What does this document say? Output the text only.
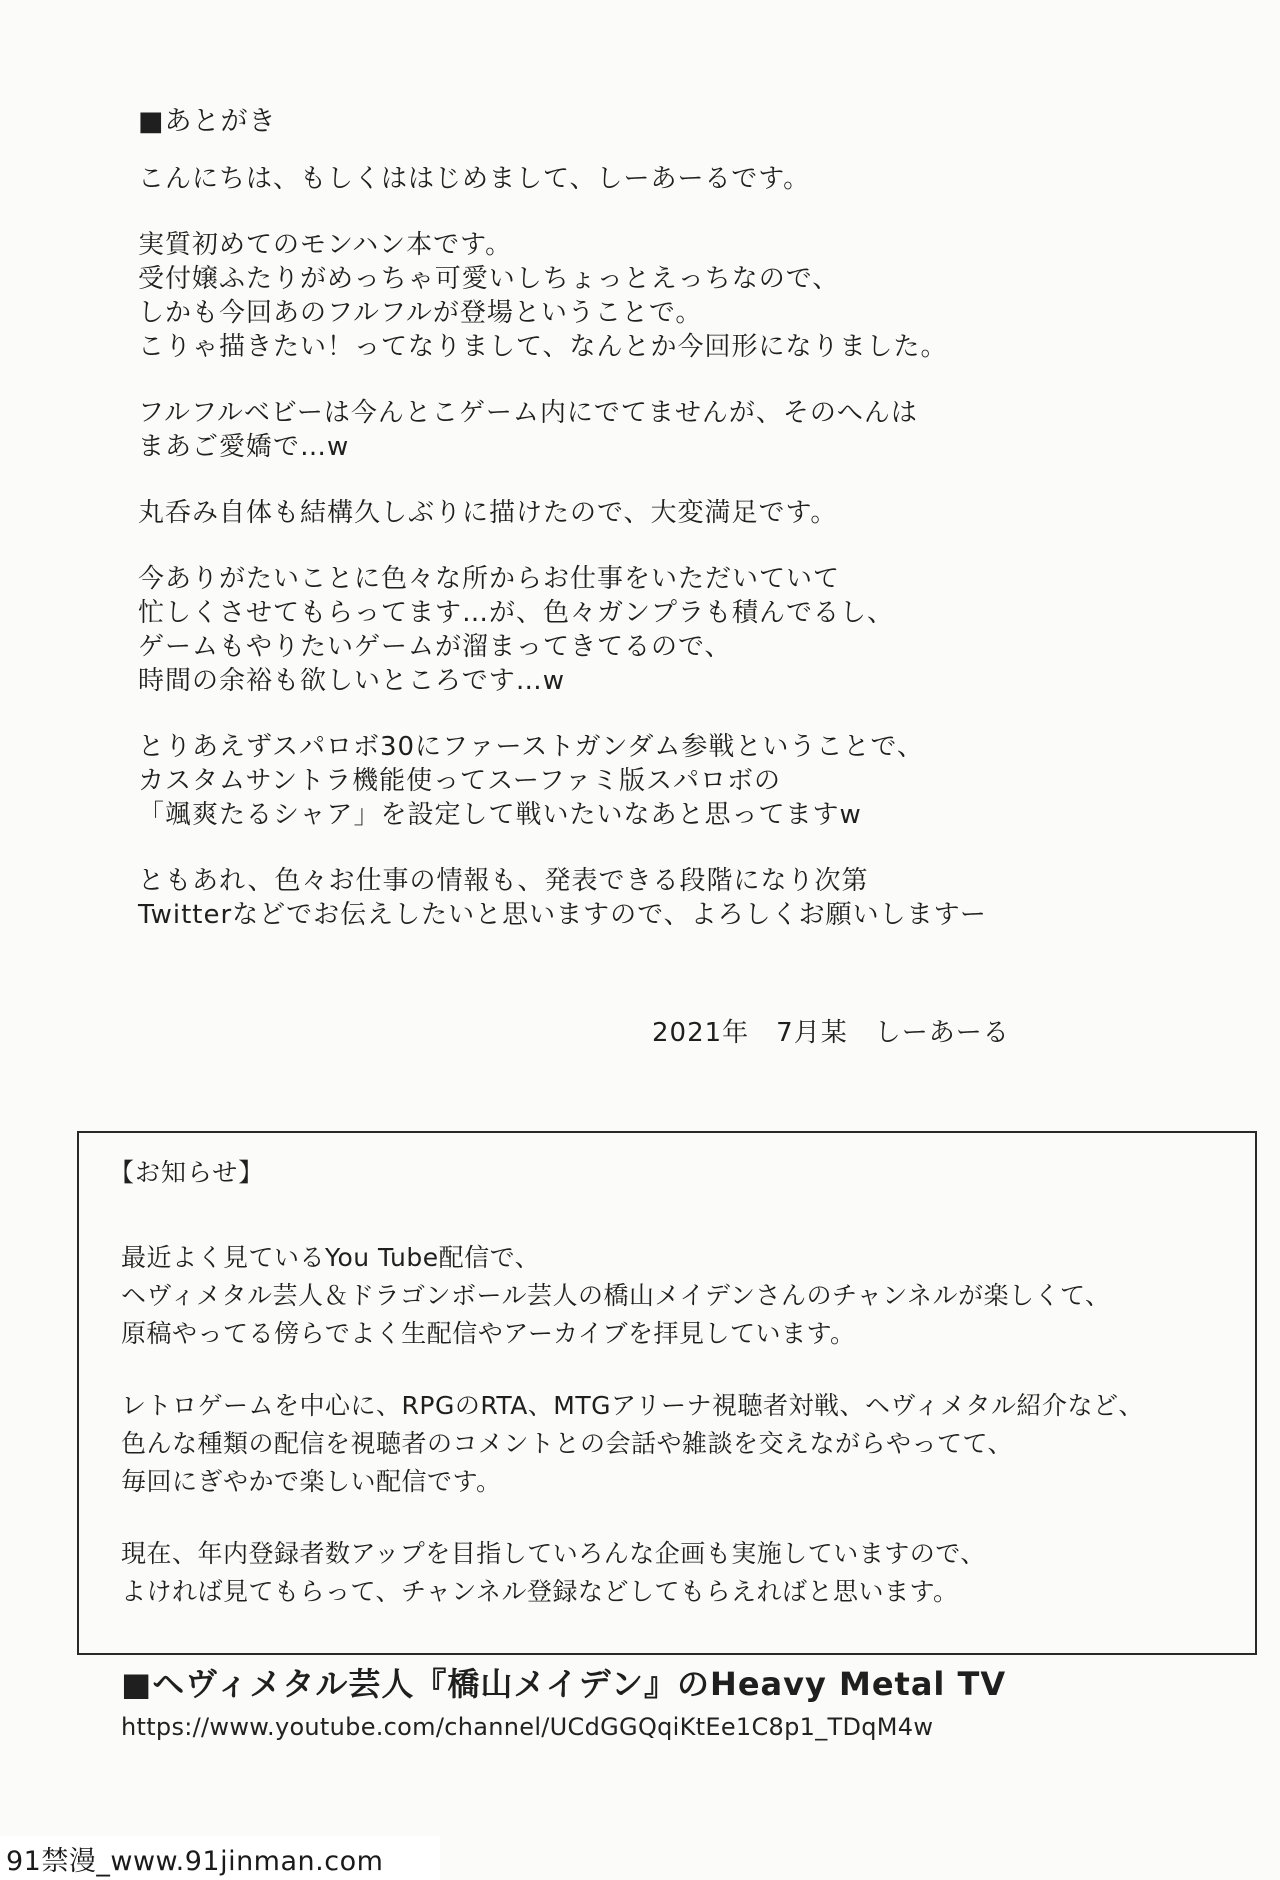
■あとがき
こんにちは、もしくははじめまして、しーあーるです。
実質初めてのモンハン本です。
受付嬢ふたりがめっちゃ可愛いしちょっとえっちなので、
しかも今回あのフルフルが登場ということで。
こりゃ描きたい！ってなりまして、なんとか今回形になりました。
フルフルベビーは今んとこゲーム内にでてませんが、そのへんは
まあご愛嬌で…w
丸呑み自体も結構久しぶりに描けたので、大変満足です。
今ありがたいことに色々な所からお仕事をいただいていて
忙しくさせてもらってます…が、色々ガンプラも積んでるし、
ゲームもやりたいゲームが溜まってきてるので、
時間の余裕も欲しいところです…w
とりあえずスパロボ30にファーストガンダム参戦ということで、
カスタムサントラ機能使ってスーファミ版スパロボの
「颯爽たるシャア」を設定して戦いたいなあと思ってますw
ともあれ、色々お仕事の情報も、発表できる段階になり次第
Twitterなどでお伝えしたいと思いますので、よろしくお願いしますー
2021年　7月某　しーあーる
【お知らせ】
最近よく見ているYou Tube配信で、
ヘヴィメタル芸人＆ドラゴンボール芸人の橋山メイデンさんのチャンネルが楽しくて、
原稿やってる傍らでよく生配信やアーカイブを拝見しています。
レトロゲームを中心に、RPGのRTA、MTGアリーナ視聴者対戦、ヘヴィメタル紹介など、
色んな種類の配信を視聴者のコメントとの会話や雑談を交えながらやってて、
毎回にぎやかで楽しい配信です。
現在、年内登録者数アップを目指していろんな企画も実施していますので、
よければ見てもらって、チャンネル登録などしてもらえればと思います。
■ヘヴィメタル芸人『橋山メイデン』のHeavy Metal TV
https://www.youtube.com/channel/UCdGGQqiKtEe1C8p1_TDqM4w
91禁漫_www.91jinman.com
